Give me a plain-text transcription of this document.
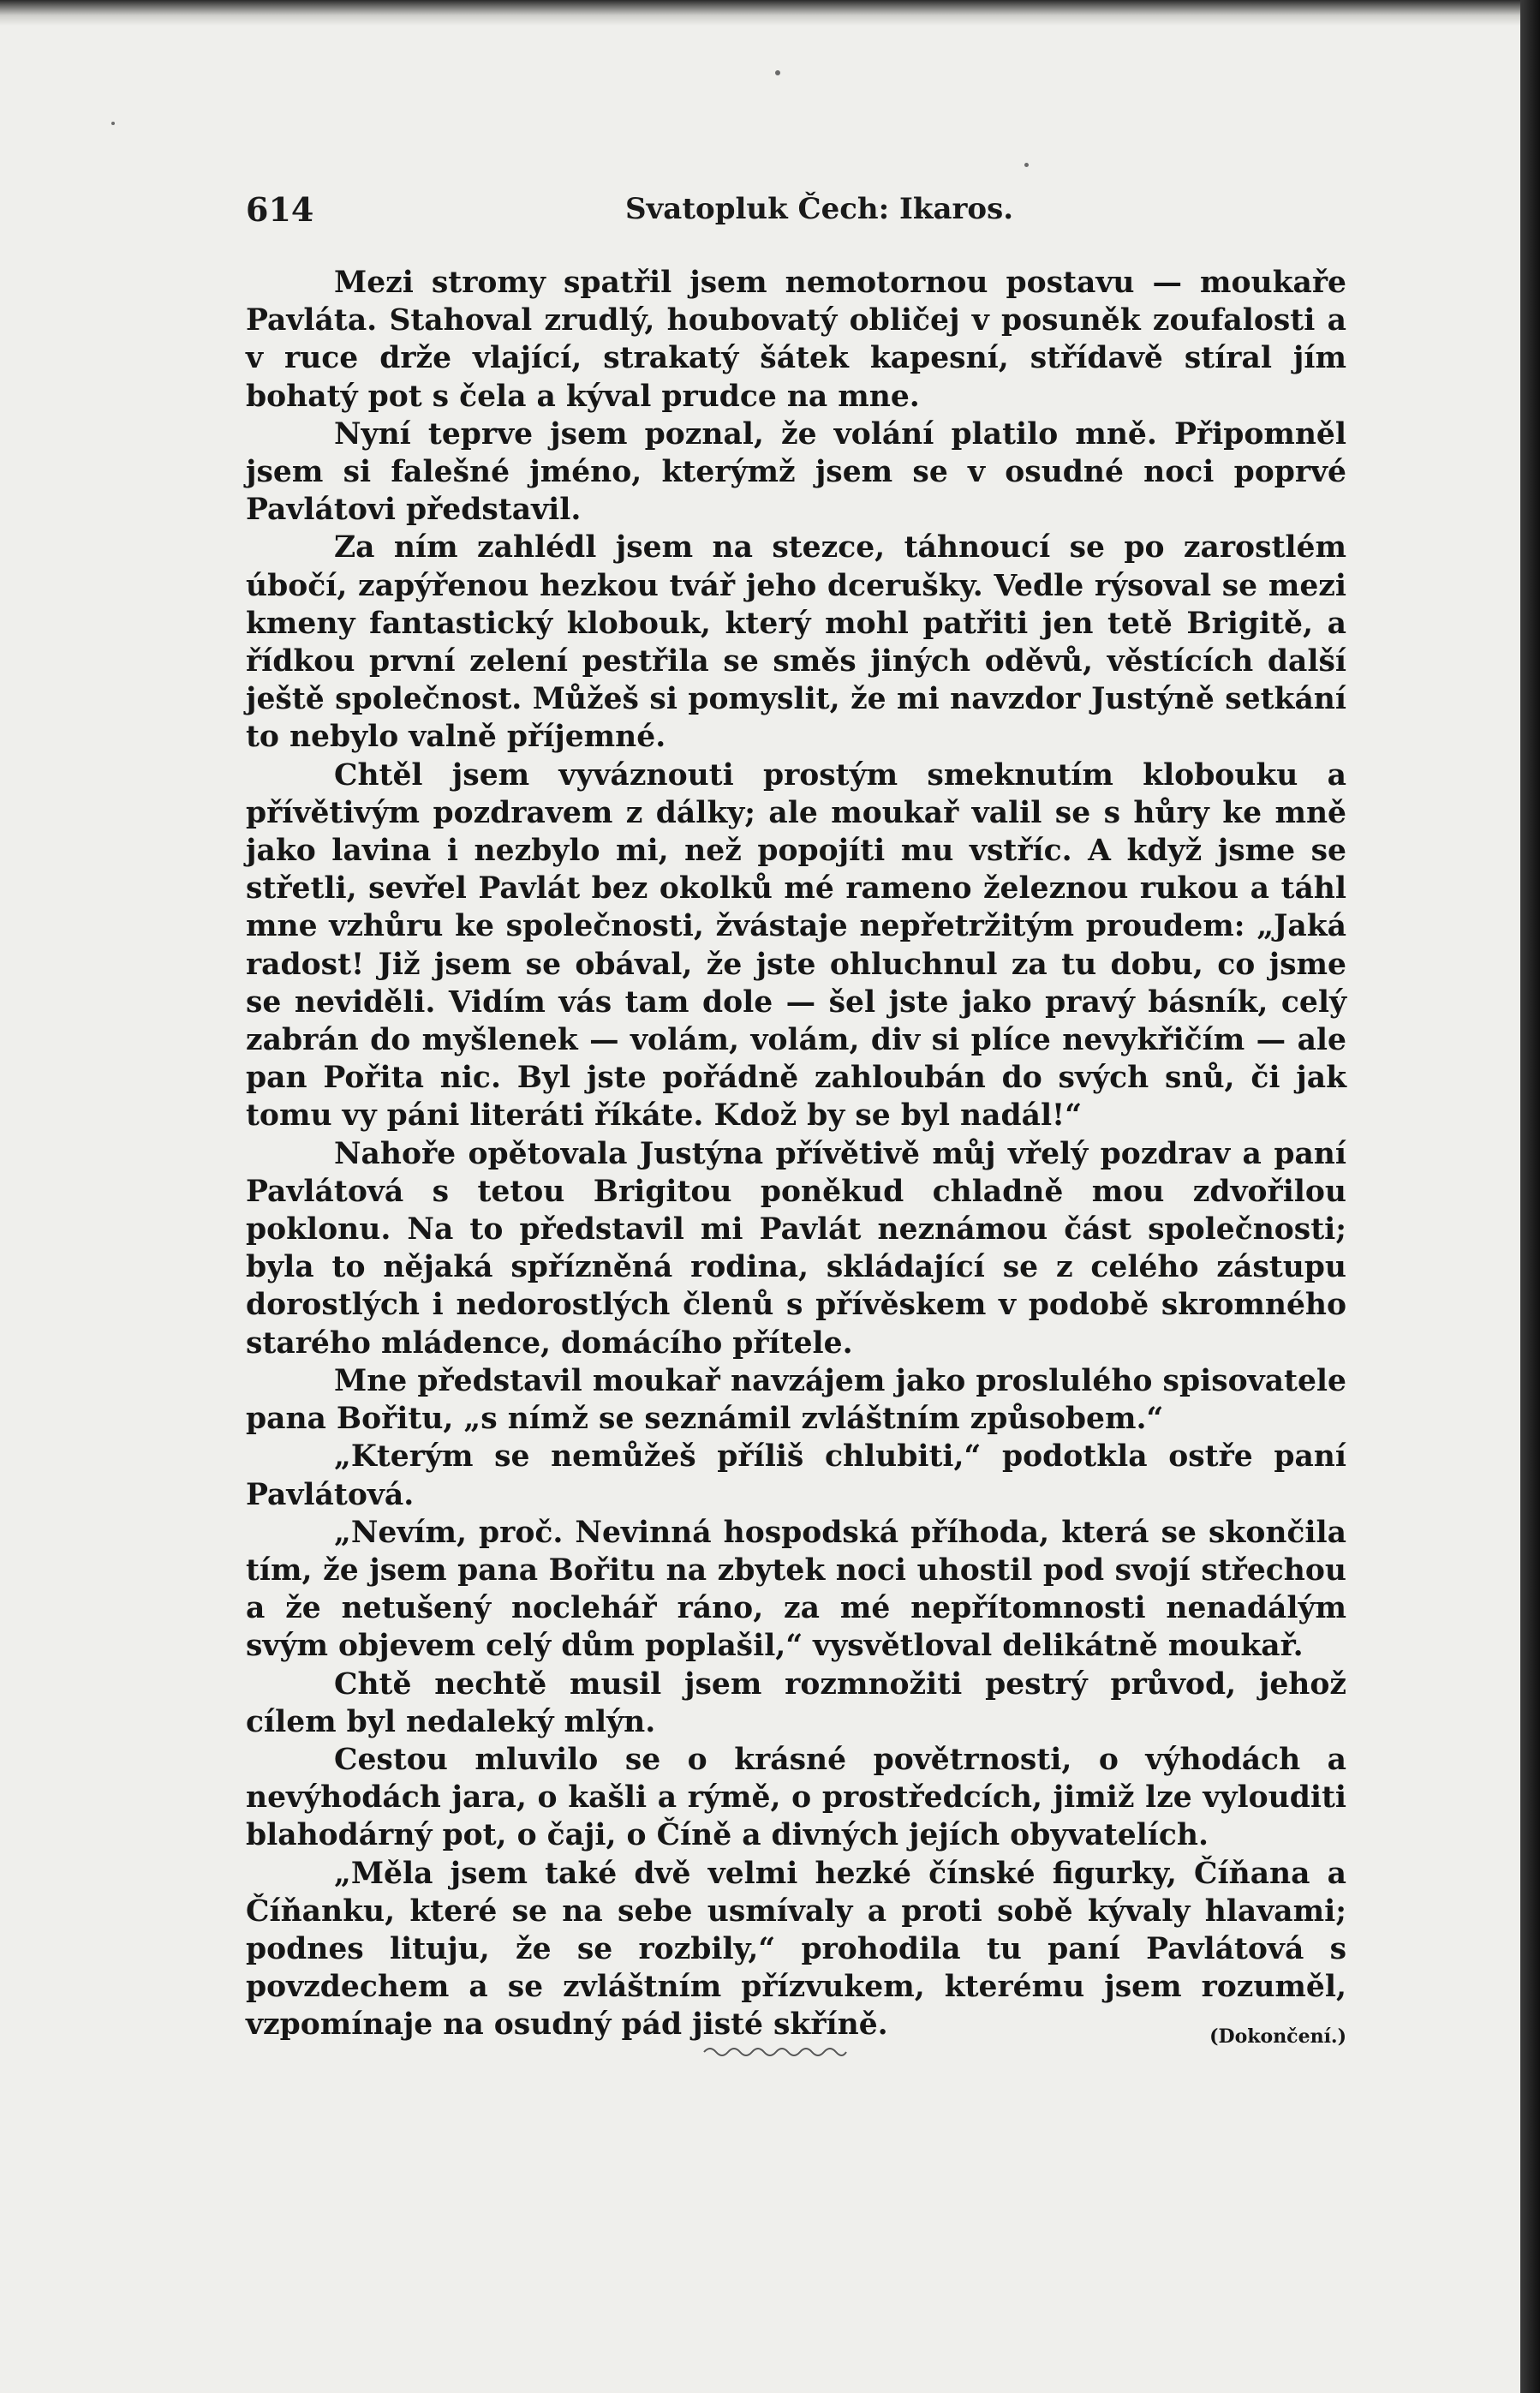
614	Svatopluk Čech: Ikaros.

Mezi stromy spatřil jsem nemotornou postavu — moukaře Pavláta. Stahoval zrudlý, houbovatý obličej v posuněk zoufalosti a v ruce drže vlající, strakatý šátek kapesní, střídavě stíral jím bohatý pot s čela a kýval prudce na mne.

Nyní teprve jsem poznal, že volání platilo mně. Připomněl jsem si falešné jméno, kterýmž jsem se v osudné noci poprvé Pavlátovi představil.

Za ním zahlédl jsem na stezce, táhnoucí se po zarostlém úbočí, zapýřenou hezkou tvář jeho dcerušky. Vedle rýsoval se mezi kmeny fantastický klobouk, který mohl patřiti jen tetě Brigitě, a řídkou první zelení pestřila se směs jiných oděvů, věstících další ještě společnost. Můžeš si pomyslit, že mi navzdor Justýně setkání to nebylo valně příjemné.

Chtěl jsem vyváznouti prostým smeknutím klobouku a přívětivým pozdravem z dálky; ale moukař valil se s hůry ke mně jako lavina i nezbylo mi, než popojíti mu vstříc. A když jsme se střetli, sevřel Pavlát bez okolků mé rameno železnou rukou a táhl mne vzhůru ke společnosti, žvástaje nepřetržitým proudem: „Jaká radost! Již jsem se obával, že jste ohluchnul za tu dobu, co jsme se neviděli. Vidím vás tam dole — šel jste jako pravý básník, celý zabrán do myšlenek — volám, volám, div si plíce nevykřičím — ale pan Pořita nic. Byl jste pořádně zahloubán do svých snů, či jak tomu vy páni literáti říkáte. Kdož by se byl nadál!“

Nahoře opětovala Justýna přívětivě můj vřelý pozdrav a paní Pavlátová s tetou Brigitou poněkud chladně mou zdvořilou poklonu. Na to představil mi Pavlát neznámou část společnosti; byla to nějaká spřízněná rodina, skládající se z celého zástupu dorostlých i nedorostlých členů s přívěskem v podobě skromného starého mládence, domácího přítele.

Mne představil moukař navzájem jako proslulého spisovatele pana Bořitu, „s nímž se seznámil zvláštním způsobem.“

„Kterým se nemůžeš příliš chlubiti,“ podotkla ostře paní Pavlátová.

„Nevím, proč. Nevinná hospodská příhoda, která se skončila tím, že jsem pana Bořitu na zbytek noci uhostil pod svojí střechou a že netušený noclehář ráno, za mé nepřítomnosti nenadálým svým objevem celý dům poplašil,“ vysvětloval delikátně moukař.

Chtě nechtě musil jsem rozmnožiti pestrý průvod, jehož cílem byl nedaleký mlýn.

Cestou mluvilo se o krásné povětrnosti, o výhodách a nevýhodách jara, o kašli a rýmě, o prostředcích, jimiž lze vylouditi blahodárný pot, o čaji, o Číně a divných jejích obyvatelích.

„Měla jsem také dvě velmi hezké čínské figurky, Číňana a Číňanku, které se na sebe usmívaly a proti sobě kývaly hlavami; podnes lituju, že se rozbily,“ prohodila tu paní Pavlátová s povzdechem a se zvláštním přízvukem, kterému jsem rozuměl, vzpomínaje na osudný pád jisté skříně.	(Dokončení.)
